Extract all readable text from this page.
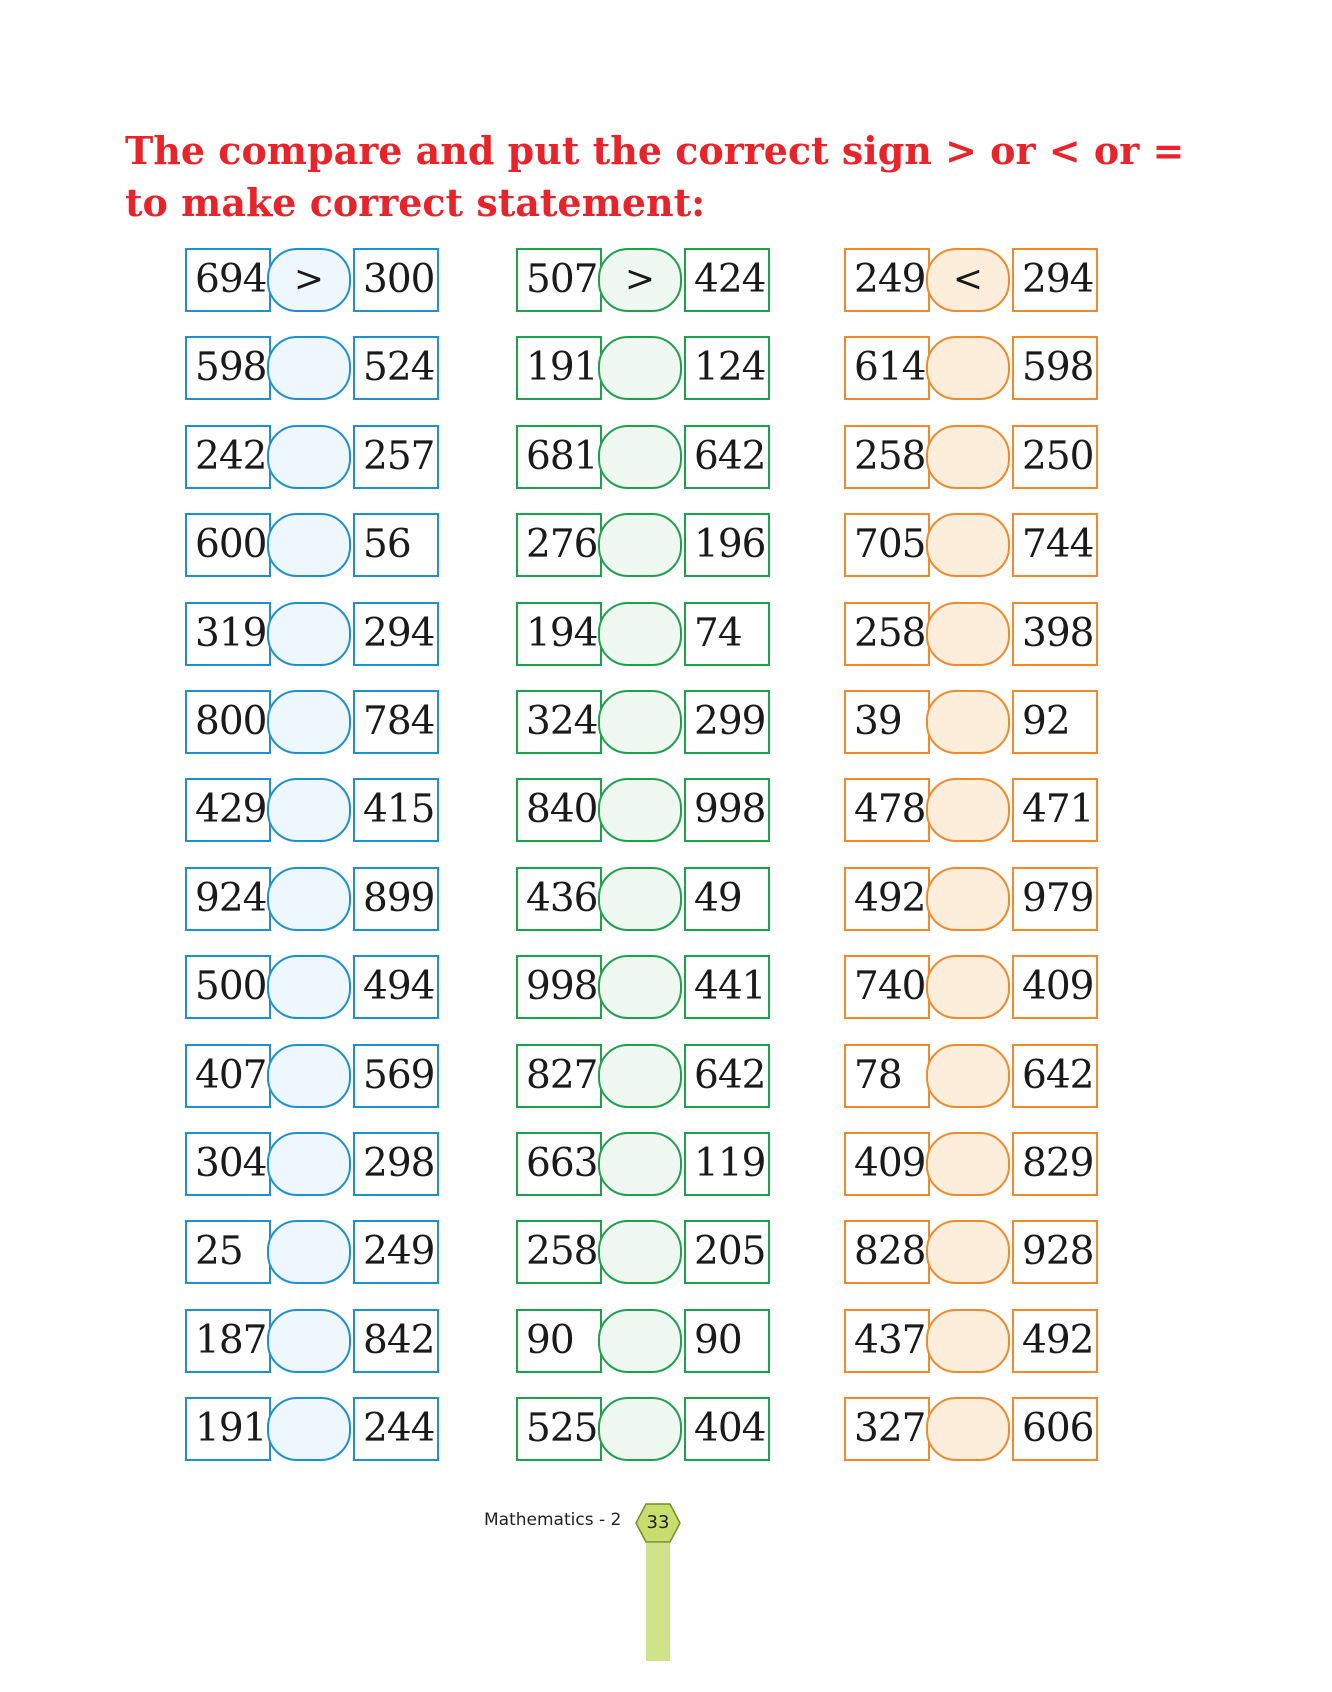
The compare and put the correct sign > or < or = to make correct statement:
694 > 300
598 524
242 257
600 56
319 294
800 784
429 415
924 899
500 494
407 569
304 298
25	249
187 842
191 244
507 > 424
191 124
681 642
276 196
194 74
324 299
840 998
436 49
998 441
827 642
663 119
258 205
90	90
525 404
249 < 294
614 598
258 250
705 744
258 398
39	92
478 471
492 979
740 409
78	642
409 829
828 928
437 492
327 606
Mathematics - 2	33
